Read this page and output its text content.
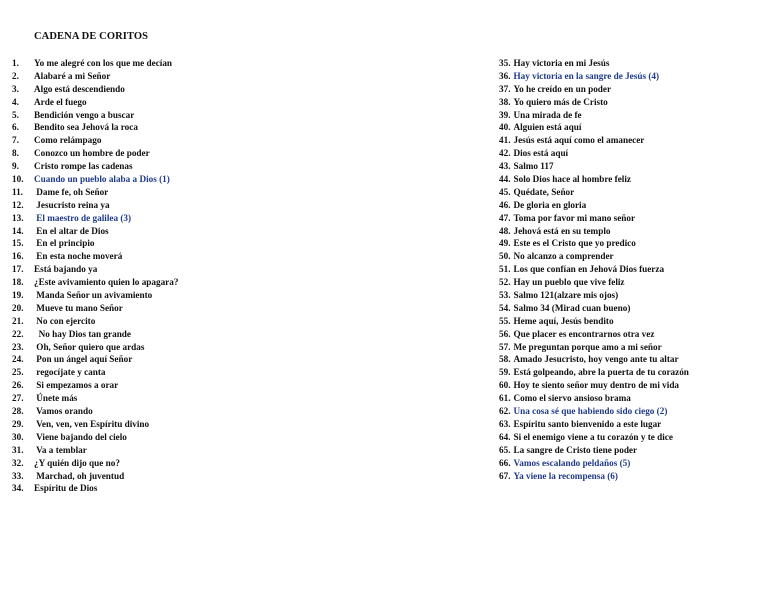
CADENA DE CORITOS
1.	Yo me alegré con los que me decían
2.	Alabaré a mi Señor
3.	Algo está descendiendo
4.	Arde el fuego
5.	Bendición vengo a buscar
6.	Bendito sea Jehová la roca
7.	Como relámpago
8.	Conozco un hombre de poder
9.	Cristo rompe las cadenas
10.	Cuando un pueblo alaba a Dios (1)
11.	Dame fe, oh Señor
12.	Jesucristo reina ya
13.	El maestro de galilea (3)
14.	En el altar de Dios
15.	En el principio
16.	En esta noche moverá
17.	Está bajando ya
18.	¿Este avivamiento quien lo apagara?
19.	Manda Señor un avivamiento
20.	Mueve tu mano Señor
21.	No con ejercito
22.	No hay Dios tan grande
23.	Oh, Señor quiero que ardas
24.	Pon un ángel aquí Señor
25.	regocíjate y canta
26.	Si empezamos a orar
27.	Únete más
28.	Vamos orando
29.	Ven, ven, ven Espíritu divino
30.	Viene bajando del cielo
31.	Va a temblar
32.	¿Y quién dijo que no?
33.	Marchad, oh juventud
34.	Espíritu de Dios
35. Hay victoria en mi Jesús
36. Hay victoria en la sangre de Jesús (4)
37. Yo he creído en un poder
38. Yo quiero más de Cristo
39. Una mirada de fe
40. Alguien está aquí
41. Jesús está aquí como el amanecer
42. Dios está aquí
43. Salmo 117
44. Solo Dios hace al hombre feliz
45. Quédate, Señor
46. De gloria en gloria
47. Toma por favor mi mano señor
48. Jehová está en su templo
49. Este es el Cristo que yo predico
50. No alcanzo a comprender
51. Los que confían en Jehová Dios fuerza
52. Hay un pueblo que vive feliz
53. Salmo 121(alzare mis ojos)
54. Salmo 34 (Mirad cuan bueno)
55. Heme aquí, Jesús bendito
56. Que placer es encontrarnos otra vez
57. Me preguntan porque amo a mi señor
58. Amado Jesucristo, hoy vengo ante tu altar
59. Está golpeando, abre la puerta de tu corazón
60. Hoy te siento señor muy dentro de mi vida
61. Como el siervo ansioso brama
62. Una cosa sé que habiendo sido ciego (2)
63. Espíritu santo bienvenido a este lugar
64. Si el enemigo viene a tu corazón y te dice
65. La sangre de Cristo tiene poder
66. Vamos escalando peldaños (5)
67. Ya viene la recompensa (6)
